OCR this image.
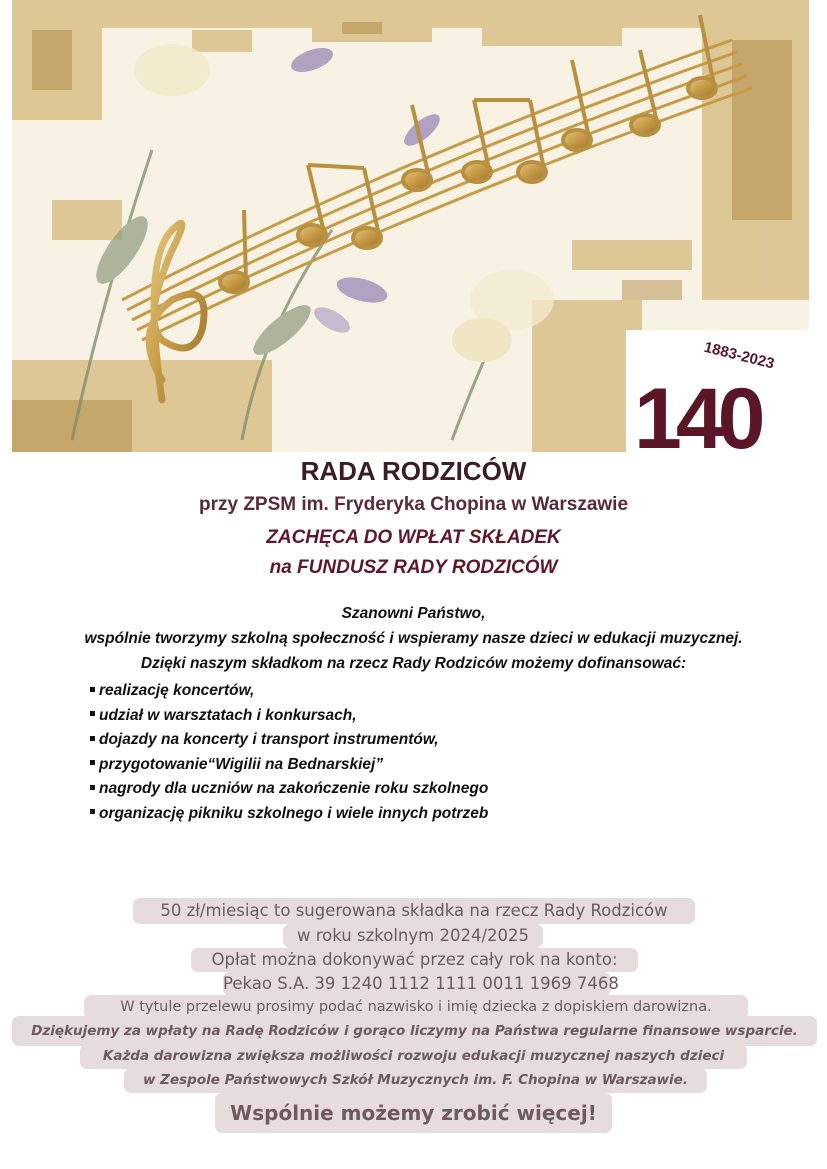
1883-2023
140
RADA RODZICÓW
przy ZPSM im. Fryderyka Chopina w Warszawie
ZACHĘCA DO WPŁAT SKŁADEK
na FUNDUSZ RADY RODZICÓW
Szanowni Państwo,
wspólnie tworzymy szkolną społeczność i wspieramy nasze dzieci w edukacji muzycznej.
Dzięki naszym składkom na rzecz Rady Rodziców możemy dofinansować:
realizację koncertów,
udział w warsztatach i konkursach,
dojazdy na koncerty i transport instrumentów,
przygotowanie“Wigilii na Bednarskiej”
nagrody dla uczniów na zakończenie roku szkolnego
organizację pikniku szkolnego i wiele innych potrzeb
50 zł/miesiąc to sugerowana składka na rzecz Rady Rodziców
w roku szkolnym 2024/2025
Opłat można dokonywać przez cały rok na konto:
Pekao S.A. 39 1240 1112 1111 0011 1969 7468
W tytule przelewu prosimy podać nazwisko i imię dziecka z dopiskiem darowizna.
Dziękujemy za wpłaty na Radę Rodziców i gorąco liczymy na Państwa regularne finansowe wsparcie.
Każda darowizna zwiększa możliwości rozwoju edukacji muzycznej naszych dzieci
w Zespole Państwowych Szkół Muzycznych im. F. Chopina w Warszawie.
Wspólnie możemy zrobić więcej!
